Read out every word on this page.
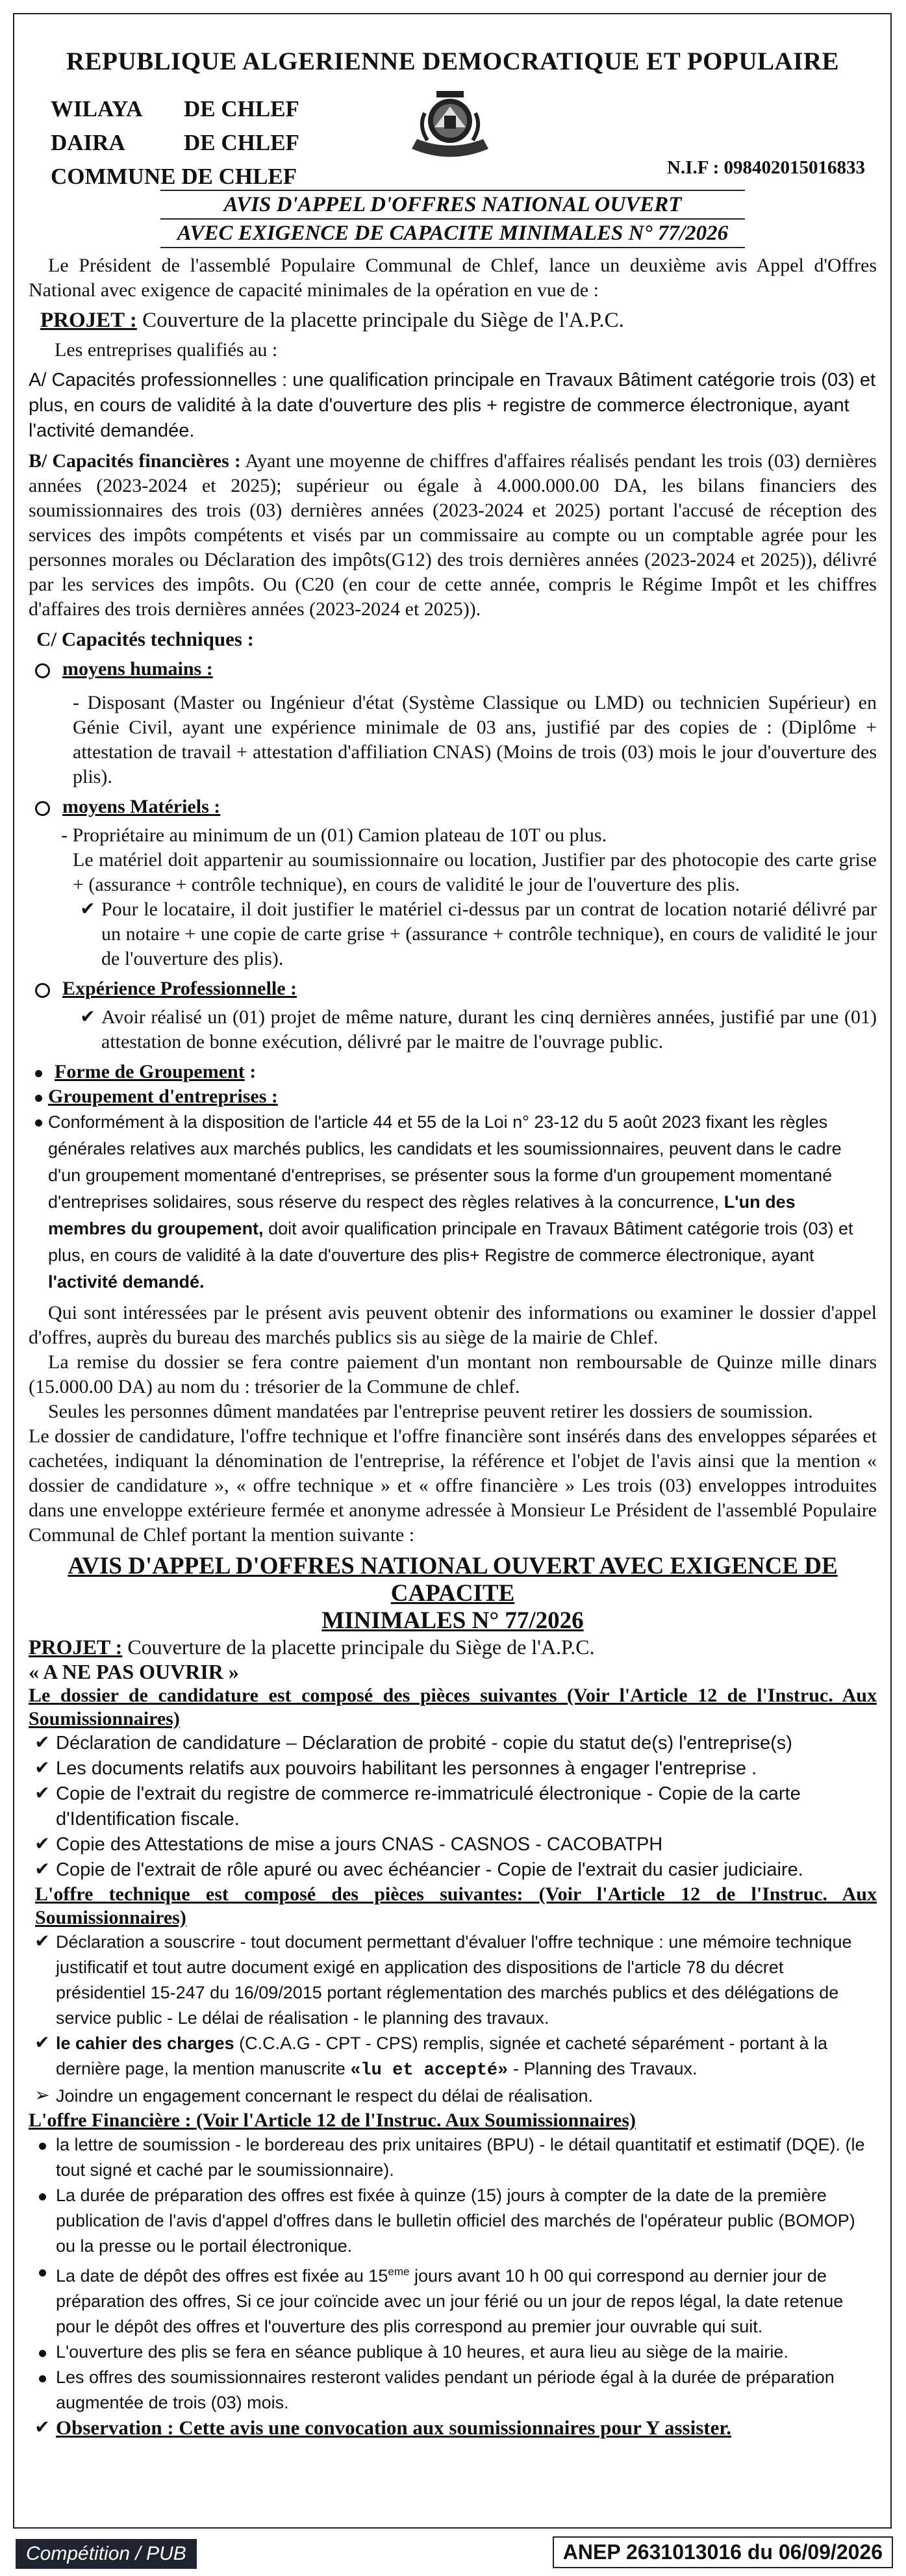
REPUBLIQUE ALGERIENNE DEMOCRATIQUE ET POPULAIRE
WILAYA	DE CHLEF
DAIRA	DE CHLEF
COMMUNE DE CHLEF	N.I.F : 098402015016833
AVIS D'APPEL D'OFFRES NATIONAL OUVERT
AVEC EXIGENCE DE CAPACITE MINIMALES N° 77/2026

Le Président de l'assemblé Populaire Communal de Chlef, lance un deuxième avis Appel d'Offres National avec exigence de capacité minimales de la opération en vue de :

PROJET : Couverture de la placette principale du Siège de l'A.P.C.

Les entreprises qualifiés au :

A/ Capacités professionnelles : une qualification principale en Travaux Bâtiment catégorie trois (03) et plus, en cours de validité à la date d'ouverture des plis + registre de commerce électronique, ayant l'activité demandée.

B/ Capacités financières : Ayant une moyenne de chiffres d'affaires réalisés pendant les trois (03) dernières années (2023-2024 et 2025); supérieur ou égale à 4.000.000.00 DA, les bilans financiers des soumissionnaires des trois (03) dernières années (2023-2024 et 2025) portant l'accusé de réception des services des impôts compétents et visés par un commissaire au compte ou un comptable agrée pour les personnes morales ou Déclaration des impôts(G12) des trois dernières années (2023-2024 et 2025)), délivré par les services des impôts. Ou (C20 (en cour de cette année, compris le Régime Impôt et les chiffres d'affaires des trois dernières années (2023-2024 et 2025)).

C/ Capacités techniques :

moyens humains :

- Disposant (Master ou Ingénieur d'état (Système Classique ou LMD) ou technicien Supérieur) en Génie Civil, ayant une expérience minimale de 03 ans, justifié par des copies de : (Diplôme + attestation de travail + attestation d'affiliation CNAS) (Moins de trois (03) mois le jour d'ouverture des plis).

moyens Matériels :

- Propriétaire au minimum de un (01) Camion plateau de 10T ou plus.

Le matériel doit appartenir au soumissionnaire ou location, Justifier par des photocopie des carte grise + (assurance + contrôle technique), en cours de validité le jour de l'ouverture des plis.

✔ Pour le locataire, il doit justifier le matériel ci-dessus par un contrat de location notarié délivré par un notaire + une copie de carte grise + (assurance + contrôle technique), en cours de validité le jour de l'ouverture des plis).
Expérience Professionnelle :
✔ Avoir réalisé un (01) projet de même nature, durant les cinq dernières années, justifié par une (01) attestation de bonne exécution, délivré par le maitre de l'ouvrage public.
Forme de Groupement :
Groupement d'entreprises :

Conformément à la disposition de l'article 44 et 55 de la Loi n° 23-12 du 5 août 2023 fixant les règles générales relatives aux marchés publics, les candidats et les soumissionnaires, peuvent dans le cadre d'un groupement momentané d'entreprises, se présenter sous la forme d'un groupement momentané d'entreprises solidaires, sous réserve du respect des règles relatives à la concurrence, L'un des membres du groupement, doit avoir qualification principale en Travaux Bâtiment catégorie trois (03) et plus, en cours de validité à la date d'ouverture des plis+ Registre de commerce électronique, ayant l'activité demandé.

Qui sont intéressées par le présent avis peuvent obtenir des informations ou examiner le dossier d'appel d'offres, auprès du bureau des marchés publics sis au siège de la mairie de Chlef.

La remise du dossier se fera contre paiement d'un montant non remboursable de Quinze mille dinars (15.000.00 DA) au nom du : trésorier de la Commune de chlef.

Seules les personnes dûment mandatées par l'entreprise peuvent retirer les dossiers de soumission.

Le dossier de candidature, l'offre technique et l'offre financière sont insérés dans des enveloppes séparées et cachetées, indiquant la dénomination de l'entreprise, la référence et l'objet de l'avis ainsi que la mention « dossier de candidature », « offre technique » et « offre financière » Les trois (03) enveloppes introduites dans une enveloppe extérieure fermée et anonyme adressée à Monsieur Le Président de l'assemblé Populaire Communal de Chlef portant la mention suivante :

AVIS D'APPEL D'OFFRES NATIONAL OUVERT AVEC EXIGENCE DE CAPACITE
MINIMALES N° 77/2026

PROJET : Couverture de la placette principale du Siège de l'A.P.C.

« A NE PAS OUVRIR »

Le dossier de candidature est composé des pièces suivantes (Voir l'Article 12 de l'Instruc. Aux Soumissionnaires)

✔ Déclaration de candidature – Déclaration de probité - copie du statut de(s) l'entreprise(s)
✔ Les documents relatifs aux pouvoirs habilitant les personnes à engager l'entreprise .
✔ Copie de l'extrait du registre de commerce re-immatriculé électronique - Copie de la carte d'Identification fiscale.
✔ Copie des Attestations de mise a jours CNAS - CASNOS - CACOBATPH
✔ Copie de l'extrait de rôle apuré ou avec échéancier - Copie de l'extrait du casier judiciaire.

L'offre technique est composé des pièces suivantes: (Voir l'Article 12 de l'Instruc. Aux Soumissionnaires)

✔ Déclaration a souscrire - tout document permettant d'évaluer l'offre technique : une mémoire technique justificatif et tout autre document exigé en application des dispositions de l'article 78 du décret présidentiel 15-247 du 16/09/2015 portant réglementation des marchés publics et des délégations de service public - Le délai de réalisation - le planning des travaux.
✔ le cahier des charges (C.C.A.G - CPT - CPS) remplis, signée et cacheté séparément - portant à la dernière page, la mention manuscrite «lu et accepté» - Planning des Travaux.

➢ Joindre un engagement concernant le respect du délai de réalisation.

L'offre Financière : (Voir l'Article 12 de l'Instruc. Aux Soumissionnaires)

la lettre de soumission - le bordereau des prix unitaires (BPU) - le détail quantitatif et estimatif (DQE). (le tout signé et caché par le soumissionnaire).
La durée de préparation des offres est fixée à quinze (15) jours à compter de la date de la première publication de l'avis d'appel d'offres dans le bulletin officiel des marchés de l'opérateur public (BOMOP) ou la presse ou le portail électronique.

La date de dépôt des offres est fixée au 15eme jours avant 10 h 00 qui correspond au dernier jour de préparation des offres, Si ce jour coïncide avec un jour férié ou un jour de repos légal, la date retenue pour le dépôt des offres et l'ouverture des plis correspond au premier jour ouvrable qui suit.

L'ouverture des plis se fera en séance publique à 10 heures, et aura lieu au siège de la mairie.
Les offres des soumissionnaires resteront valides pendant un période égal à la durée de préparation augmentée de trois (03) mois.
✔ Observation : Cette avis une convocation aux soumissionnaires pour Y assister.
Compétition / PUB	ANEP 2631013016 du 06/09/2026
